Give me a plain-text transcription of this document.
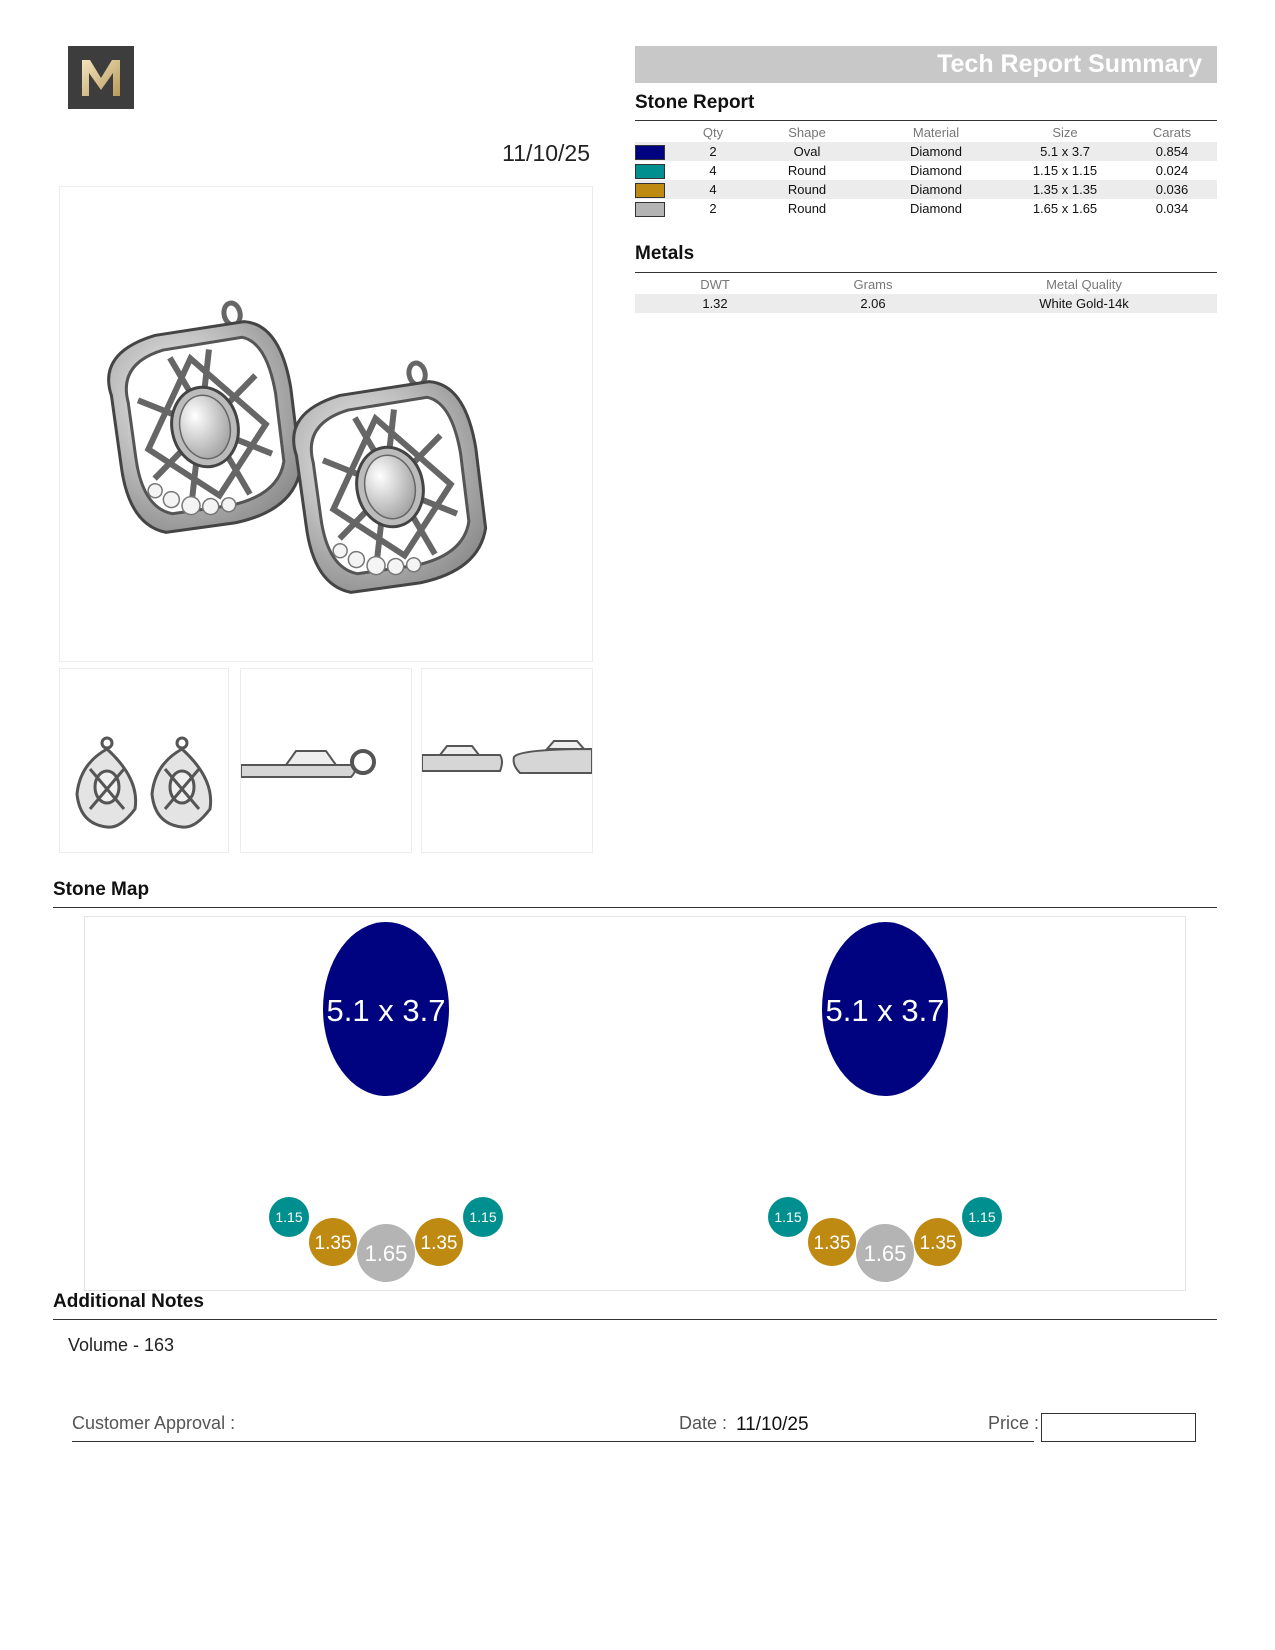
11/10/25
Tech Report Summary
Stone Report
	Qty	Shape	Material	Size	Carats
	2	Oval	Diamond	5.1 x 3.7	0.854
	4	Round	Diamond	1.15 x 1.15	0.024
	4	Round	Diamond	1.35 x 1.35	0.036
	2	Round	Diamond	1.65 x 1.65	0.034
Metals
DWT	Grams	Metal Quality
1.32	2.06	White Gold-14k
Stone Map
5.1 x 3.7
1.15
1.35 1.65 1.35
1.15
5.1 x 3.7
1.15
1.35 1.65 1.35
1.15
Additional Notes
Volume - 163
Customer Approval :	Date : 11/10/25	Price :
